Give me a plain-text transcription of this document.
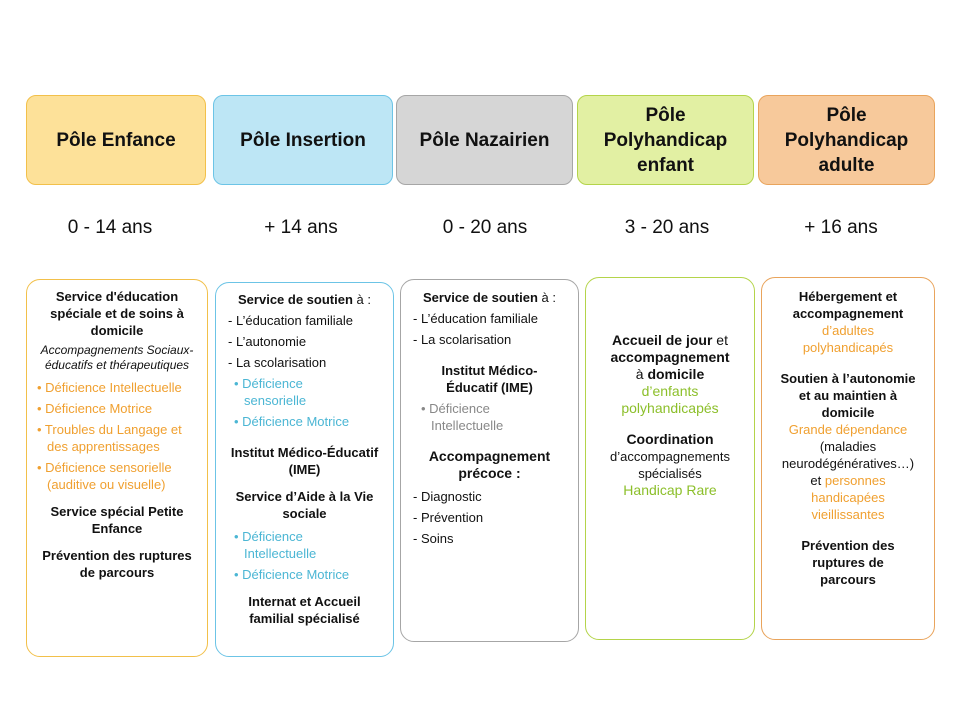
Pôle Enfance	Pôle Insertion	Pôle Nazairien
Pôle Polyhandicap enfant
Pôle Polyhandicap adulte
0 - 14 ans	+ 14 ans	0 - 20 ans	3 - 20 ans	+ 16 ans
Service d'éducation spéciale et de soins à domicile
Accompagnements Sociaux-éducatifs et thérapeutiques
• Déficience Intellectuelle
• Déficience Motrice
• Troubles du Langage et des apprentissages
• Déficience sensorielle (auditive ou visuelle)
Service spécial Petite Enfance
Prévention des ruptures de parcours
Service de soutien à :
- L’éducation familiale
- L’autonomie
- La scolarisation
• Déficience sensorielle
• Déficience Motrice
Institut Médico-Éducatif (IME)
Service d’Aide à la Vie sociale
• Déficience Intellectuelle
• Déficience Motrice
Internat et Accueil familial spécialisé
Service de soutien à :
- L’éducation familiale
- La scolarisation
Institut Médico-Éducatif (IME)
• Déficience Intellectuelle
Accompagnement précoce :
- Diagnostic
- Prévention
- Soins
Accueil de jour et
accompagnement
à domicile
d’enfants polyhandicapés
Coordination
d’accompagnements spécialisés
Handicap Rare
Hébergement et accompagnement
d’adultes polyhandicapés
Soutien à l’autonomie et au maintien à domicile
Grande dépendance
(maladies neurodégénératives…)
et personnes handicapées vieillissantes
Prévention des ruptures de parcours
